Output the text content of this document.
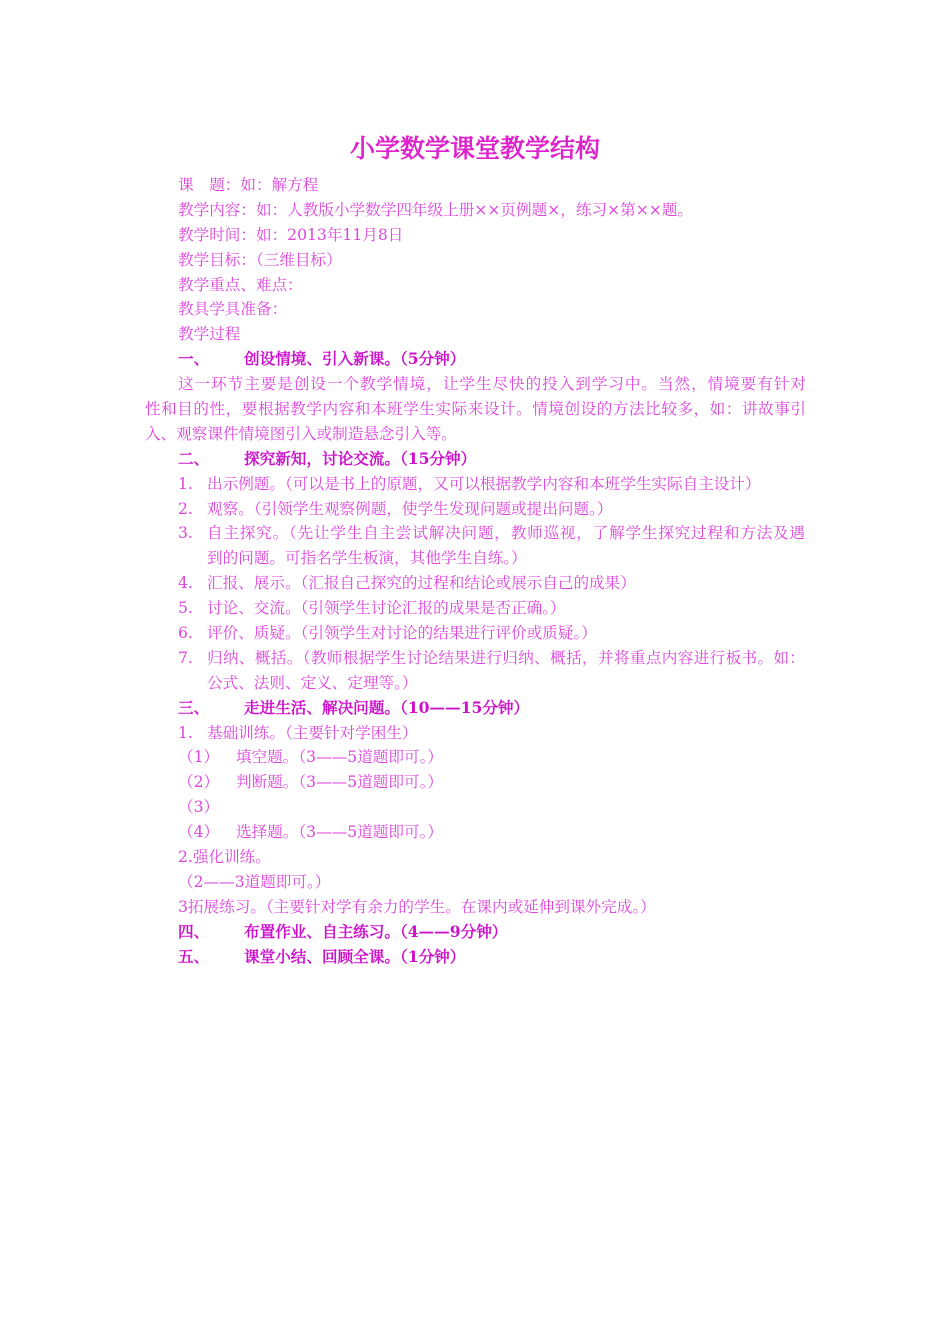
小学数学课堂教学结构
课　题：如：解方程
教学内容：如：人教版小学数学四年级上册××页例题×，练习×第××题。
教学时间：如：2013年11月8日
教学目标：（三维目标）
教学重点、难点：
教具学具准备：
教学过程
一、 创设情境、引入新课。（5分钟）
这一环节主要是创设一个教学情境，让学生尽快的投入到学习中。当然，情境要有针对
性和目的性，要根据教学内容和本班学生实际来设计。情境创设的方法比较多，如：讲故事引
入、观察课件情境图引入或制造悬念引入等。
二、 探究新知，讨论交流。（15分钟）
1. 出示例题。（可以是书上的原题，又可以根据教学内容和本班学生实际自主设计）
2. 观察。（引领学生观察例题，使学生发现问题或提出问题。）
3. 自主探究。（先让学生自主尝试解决问题，教师巡视，了解学生探究过程和方法及遇
到的问题。可指名学生板演，其他学生自练。）
4. 汇报、展示。（汇报自己探究的过程和结论或展示自己的成果）
5. 讨论、交流。（引领学生讨论汇报的成果是否正确。）
6. 评价、质疑。（引领学生对讨论的结果进行评价或质疑。）
7. 归纳、概括。（教师根据学生讨论结果进行归纳、概括，并将重点内容进行板书。如：
公式、法则、定义、定理等。）
三、 走进生活、解决问题。（10——15分钟）
1. 基础训练。（主要针对学困生）
（1） 填空题。（3——5道题即可。）
（2） 判断题。（3——5道题即可。）
（3）
（4） 选择题。（3——5道题即可。）
2.强化训练。
（2——3道题即可。）
3拓展练习。（主要针对学有余力的学生。在课内或延伸到课外完成。）
四、 布置作业、自主练习。（4——9分钟）
五、 课堂小结、回顾全课。（1分钟）
